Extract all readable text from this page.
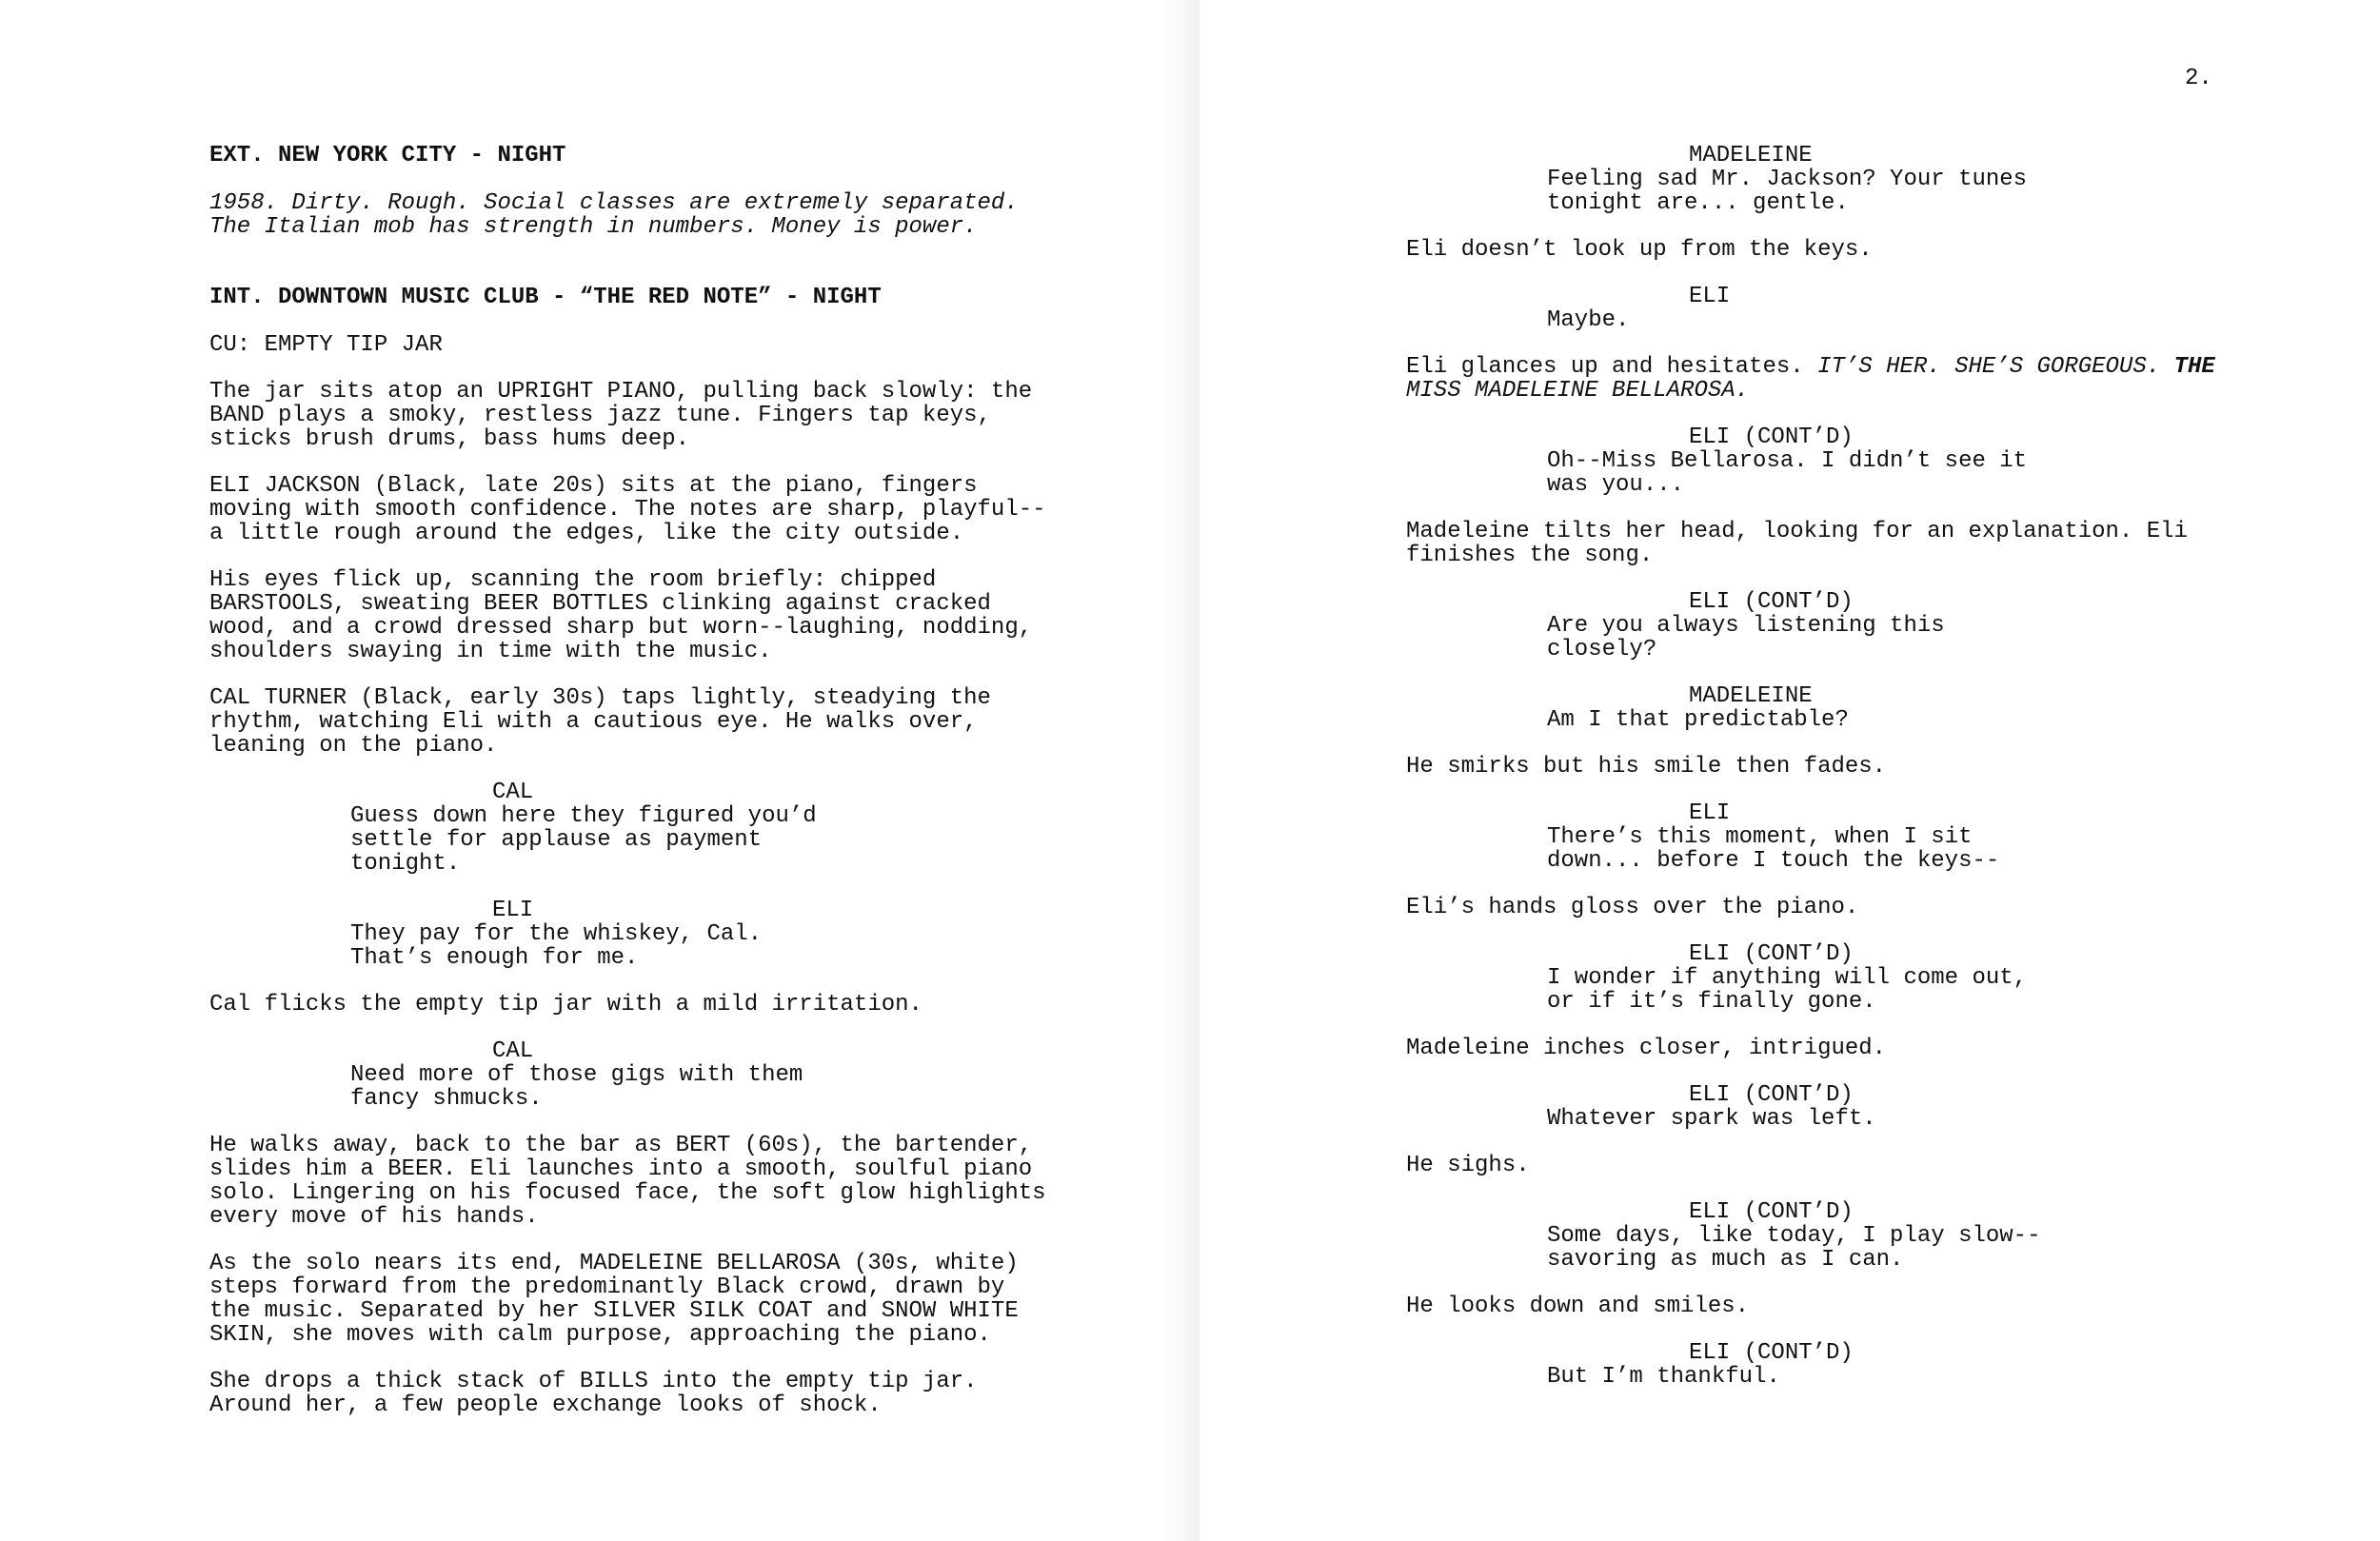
2.
EXT. NEW YORK CITY - NIGHT
1958. Dirty. Rough. Social classes are extremely separated.
The Italian mob has strength in numbers. Money is power.
INT. DOWNTOWN MUSIC CLUB - “THE RED NOTE” - NIGHT
CU: EMPTY TIP JAR
The jar sits atop an UPRIGHT PIANO, pulling back slowly: the
BAND plays a smoky, restless jazz tune. Fingers tap keys,
sticks brush drums, bass hums deep.
ELI JACKSON (Black, late 20s) sits at the piano, fingers
moving with smooth confidence. The notes are sharp, playful--
a little rough around the edges, like the city outside.
His eyes flick up, scanning the room briefly: chipped
BARSTOOLS, sweating BEER BOTTLES clinking against cracked
wood, and a crowd dressed sharp but worn--laughing, nodding,
shoulders swaying in time with the music.
CAL TURNER (Black, early 30s) taps lightly, steadying the
rhythm, watching Eli with a cautious eye. He walks over,
leaning on the piano.
CAL
Guess down here they figured you’d
settle for applause as payment
tonight.
ELI
They pay for the whiskey, Cal.
That’s enough for me.
Cal flicks the empty tip jar with a mild irritation.
CAL
Need more of those gigs with them
fancy shmucks.
He walks away, back to the bar as BERT (60s), the bartender,
slides him a BEER. Eli launches into a smooth, soulful piano
solo. Lingering on his focused face, the soft glow highlights
every move of his hands.
As the solo nears its end, MADELEINE BELLAROSA (30s, white)
steps forward from the predominantly Black crowd, drawn by
the music. Separated by her SILVER SILK COAT and SNOW WHITE
SKIN, she moves with calm purpose, approaching the piano.
She drops a thick stack of BILLS into the empty tip jar.
Around her, a few people exchange looks of shock.
MADELEINE
Feeling sad Mr. Jackson? Your tunes
tonight are... gentle.
Eli doesn’t look up from the keys.
ELI
Maybe.
Eli glances up and hesitates. IT’S HER. SHE’S GORGEOUS. THE
MISS MADELEINE BELLAROSA.
ELI (CONT’D)
Oh--Miss Bellarosa. I didn’t see it
was you...
Madeleine tilts her head, looking for an explanation. Eli
finishes the song.
ELI (CONT’D)
Are you always listening this
closely?
MADELEINE
Am I that predictable?
He smirks but his smile then fades.
ELI
There’s this moment, when I sit
down... before I touch the keys--
Eli’s hands gloss over the piano.
ELI (CONT’D)
I wonder if anything will come out,
or if it’s finally gone.
Madeleine inches closer, intrigued.
ELI (CONT’D)
Whatever spark was left.
He sighs.
ELI (CONT’D)
Some days, like today, I play slow--
savoring as much as I can.
He looks down and smiles.
ELI (CONT’D)
But I’m thankful.
